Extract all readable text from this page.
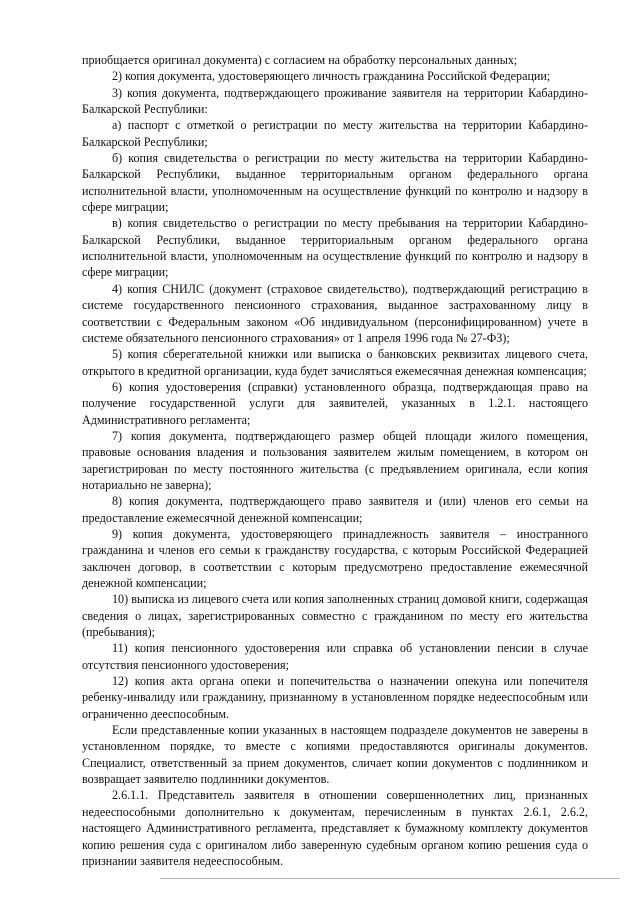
приобщается оригинал документа) с согласием на обработку персональных данных;

2) копия документа, удостоверяющего личность гражданина Российской Федерации;

3) копия документа, подтверждающего проживание заявителя на территории Кабардино-Балкарской Республики:

а) паспорт с отметкой о регистрации по месту жительства на территории Кабардино-Балкарской Республики;

б) копия свидетельства о регистрации по месту жительства на территории Кабардино-Балкарской Республики, выданное территориальным органом федерального органа исполнительной власти, уполномоченным на осуществление функций по контролю и надзору в сфере миграции;

в) копия свидетельство о регистрации по месту пребывания на территории Кабардино-Балкарской Республики, выданное территориальным органом федерального органа исполнительной власти, уполномоченным на осуществление функций по контролю и надзору в сфере миграции;

4) копия СНИЛС (документ (страховое свидетельство), подтверждающий регистрацию в системе государственного пенсионного страхования, выданное застрахованному лицу в соответствии с Федеральным законом «Об индивидуальном (персонифицированном) учете в системе обязательного пенсионного страхования» от 1 апреля 1996 года № 27-ФЗ);

5) копия сберегательной книжки или выписка о банковских реквизитах лицевого счета, открытого в кредитной организации, куда будет зачисляться ежемесячная денежная компенсация;

6) копия удостоверения (справки) установленного образца, подтверждающая право на получение государственной услуги для заявителей, указанных в 1.2.1. настоящего Административного регламента;

7) копия документа, подтверждающего размер общей площади жилого помещения, правовые основания владения и пользования заявителем жилым помещением, в котором он зарегистрирован по месту постоянного жительства (с предъявлением оригинала, если копия нотариально не заверна);

8) копия документа, подтверждающего право заявителя и (или) членов его семьи на предоставление ежемесячной денежной компенсации;

9) копия документа, удостоверяющего принадлежность заявителя – иностранного гражданина и членов его семьи к гражданству государства, с которым Российской Федерацией заключен договор, в соответствии с которым предусмотрено предоставление ежемесячной денежной компенсации;

10) выписка из лицевого счета или копия заполненных страниц домовой книги, содержащая сведения о лицах, зарегистрированных совместно с гражданином по месту его жительства (пребывания);

11) копия пенсионного удостоверения или справка об установлении пенсии в случае отсутствия пенсионного удостоверения;

12) копия акта органа опеки и попечительства о назначении опекуна или попечителя ребенку-инвалиду или гражданину, признанному в установленном порядке недееспособным или ограниченно дееспособным.

Если представленные копии указанных в настоящем подразделе документов не заверены в установленном порядке, то вместе с копиями предоставляются оригиналы документов. Специалист, ответственный за прием документов, сличает копии документов с подлинником и возвращает заявителю подлинники документов.

2.6.1.1. Представитель заявителя в отношении совершеннолетних лиц, признанных недееспособными дополнительно к документам, перечисленным в пунктах 2.6.1, 2.6.2, настоящего Административного регламента, представляет к бумажному комплекту документов копию решения суда с оригиналом либо заверенную судебным органом копию решения суда о признании заявителя недееспособным.
